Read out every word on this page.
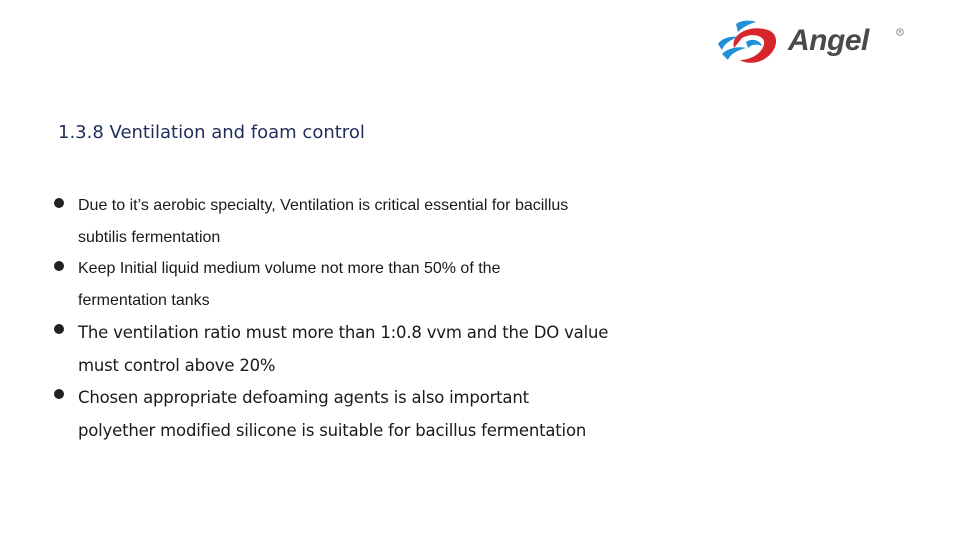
Angel	R
1.3.8 Ventilation and foam control
Due to it’s aerobic specialty, Ventilation is critical essential for bacillus
subtilis fermentation
Keep Initial liquid medium volume not more than 50% of the
fermentation tanks
The ventilation ratio must more than 1:0.8 vvm and the DO value
must control above 20%
Chosen appropriate defoaming agents is also important
polyether modified silicone is suitable for bacillus fermentation
